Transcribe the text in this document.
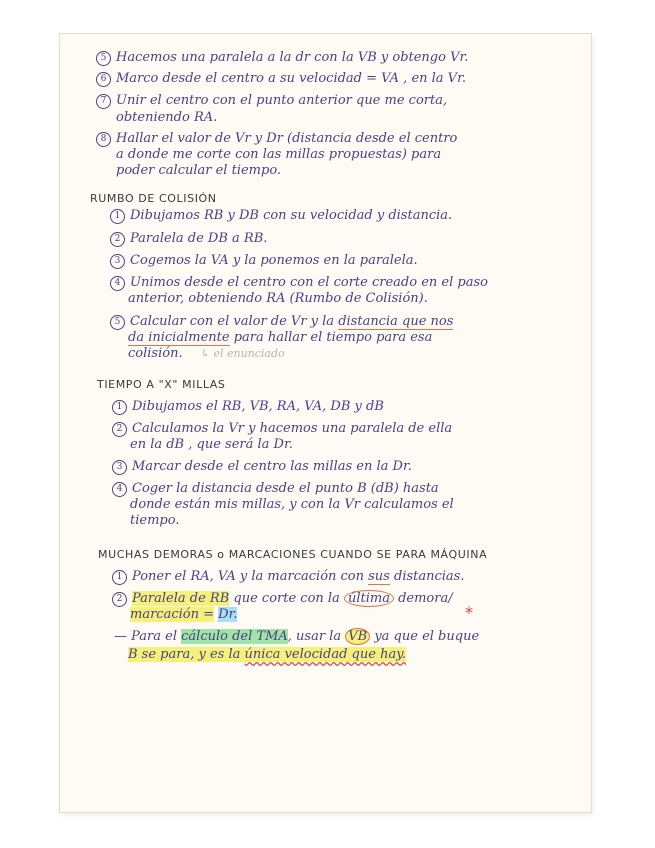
5 Hacemos una paralela a la dr con la VB y obtengo Vr.
6 Marco desde el centro a su velocidad = VA , en la Vr.
7 Unir el centro con el punto anterior que me corta,
obteniendo RA.
8 Hallar el valor de Vr y Dr (distancia desde el centro
a donde me corte con las millas propuestas) para
poder calcular el tiempo.
RUMBO DE COLISIÓN
1 Dibujamos RB y DB con su velocidad y distancia.
2 Paralela de DB a RB.
3 Cogemos la VA y la ponemos en la paralela.
4 Unimos desde el centro con el corte creado en el paso
anterior, obteniendo RA (Rumbo de Colisión).
5 Calcular con el valor de Vr y la distancia que nos
da inicialmente para hallar el tiempo para esa
colisión. ↳ el enunciado
TIEMPO A "X" MILLAS
1 Dibujamos el RB, VB, RA, VA, DB y dB
2 Calculamos la Vr y hacemos una paralela de ella
en la dB , que será la Dr.
3 Marcar desde el centro las millas en la Dr.
4 Coger la distancia desde el punto B (dB) hasta
donde están mis millas, y con la Vr calculamos el
tiempo.
MUCHAS DEMORAS o MARCACIONES CUANDO SE PARA MÁQUINA
1 Poner el RA, VA y la marcación con sus distancias.
2 Paralela de RB que corte con la última demora/
marcación = Dr.	*
— Para el cálculo del TMA, usar la VB ya que el buque
B se para, y es la única velocidad que hay.
